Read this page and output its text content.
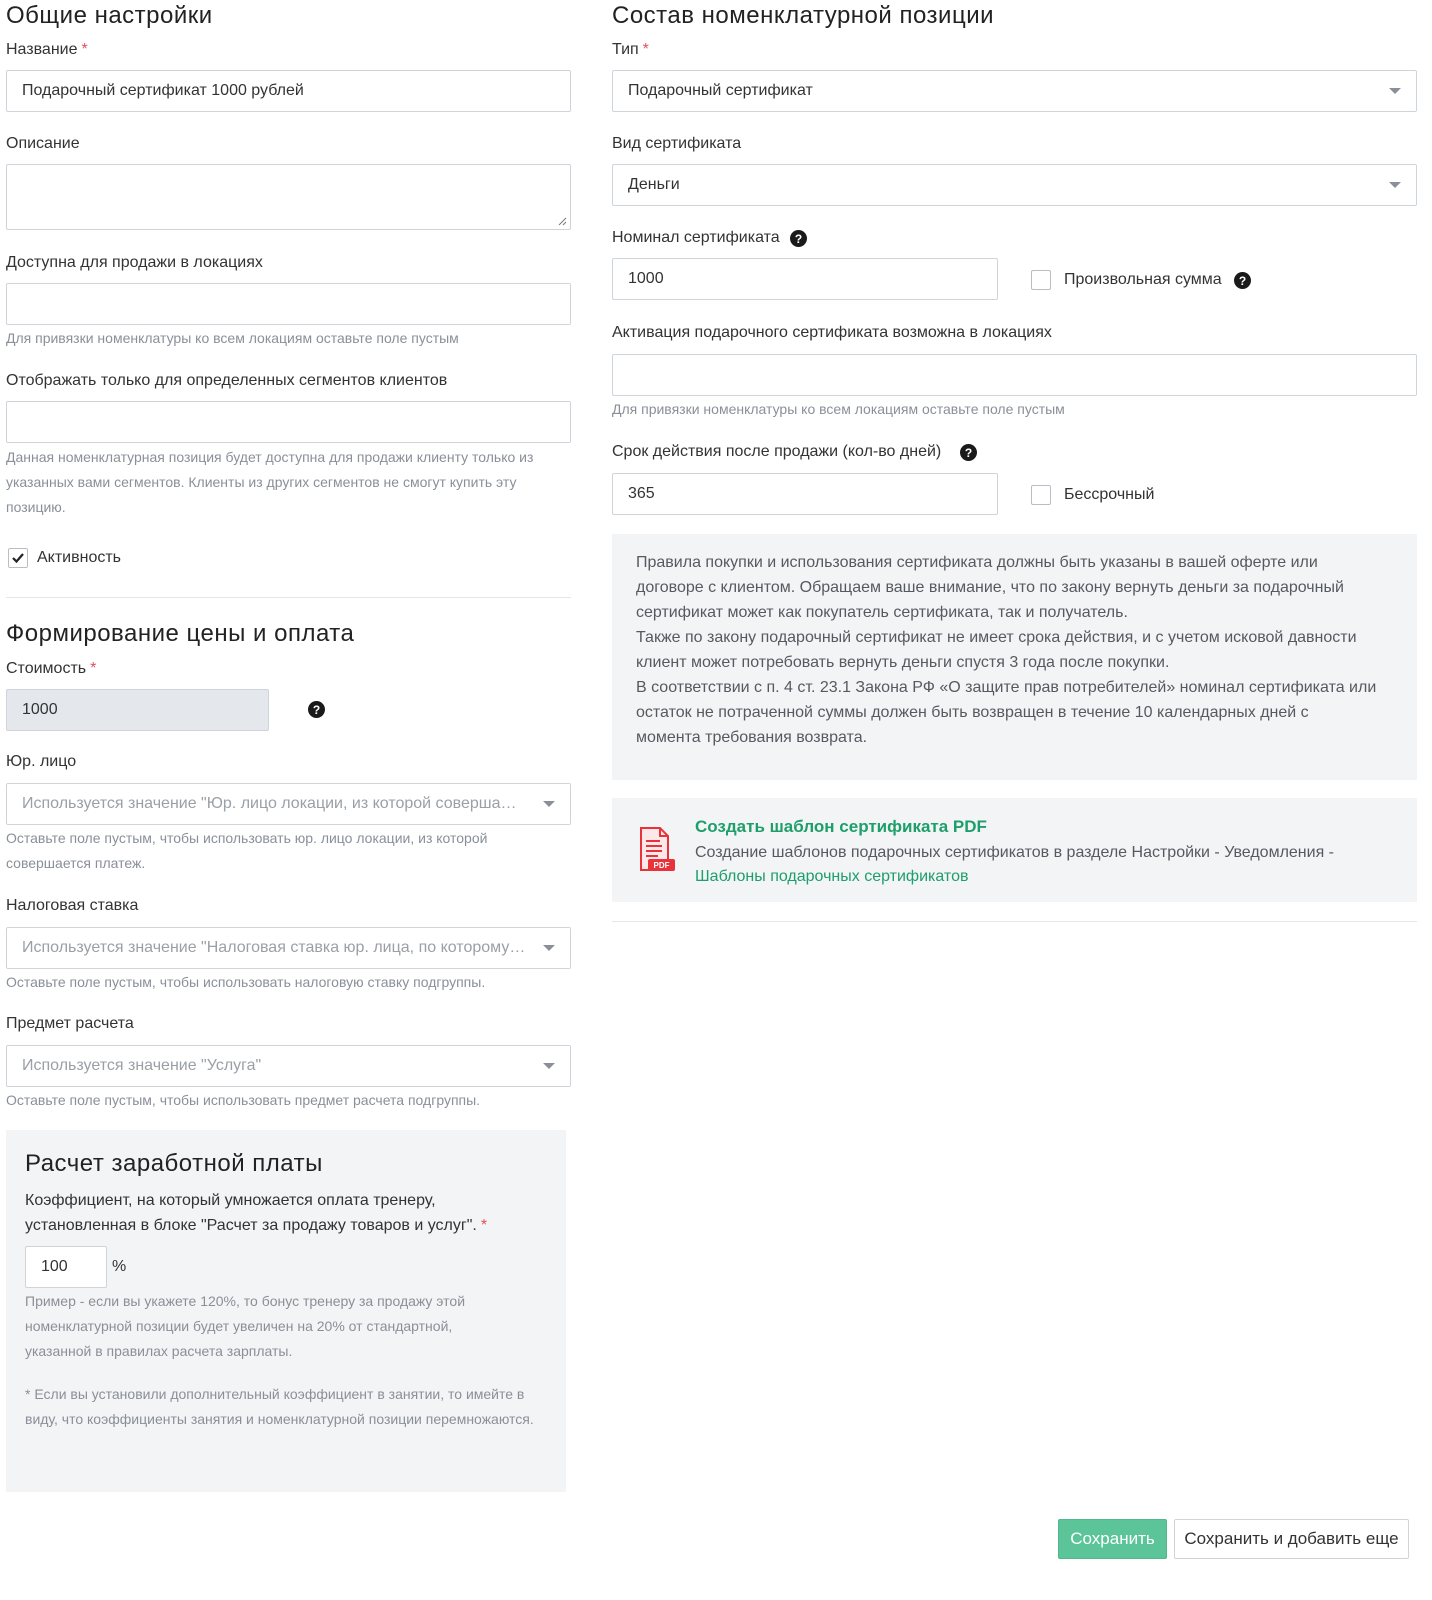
Общие настройки
Название *
Подарочный сертификат 1000 рублей
Описание
Доступна для продажи в локациях
Для привязки номенклатуры ко всем локациям оставьте поле пустым
Отображать только для определенных сегментов клиентов
Данная номенклатурная позиция будет доступна для продажи клиенту только из указанных вами сегментов. Клиенты из других сегментов не смогут купить эту позицию.
Активность
Формирование цены и оплата
Стоимость *
1000	?
Юр. лицо
Используется значение "Юр. лицо локации, из которой соверша…
Оставьте поле пустым, чтобы использовать юр. лицо локации, из которой совершается платеж.
Налоговая ставка
Используется значение "Налоговая ставка юр. лица, по которому…
Оставьте поле пустым, чтобы использовать налоговую ставку подгруппы.
Предмет расчета
Используется значение "Услуга"
Оставьте поле пустым, чтобы использовать предмет расчета подгруппы.
Расчет заработной платы
Коэффициент, на который умножается оплата тренеру, установленная в блоке "Расчет за продажу товаров и услуг". *
100	%
Пример - если вы укажете 120%, то бонус тренеру за продажу этой номенклатурной позиции будет увеличен на 20% от стандартной, указанной в правилах расчета зарплаты.
* Если вы установили дополнительный коэффициент в занятии, то имейте в виду, что коэффициенты занятия и номенклатурной позиции перемножаются.
Состав номенклатурной позиции
Тип *
Подарочный сертификат
Вид сертификата
Деньги
Номинал сертификата	?
1000	Произвольная сумма	?
Активация подарочного сертификата возможна в локациях
Для привязки номенклатуры ко всем локациям оставьте поле пустым
Срок действия после продажи (кол-во дней)	?
365	Бессрочный
Правила покупки и использования сертификата должны быть указаны в вашей оферте или
договоре с клиентом. Обращаем ваше внимание, что по закону вернуть деньги за подарочный
сертификат может как покупатель сертификата, так и получатель.
Также по закону подарочный сертификат не имеет срока действия, и с учетом исковой давности
клиент может потребовать вернуть деньги спустя 3 года после покупки.
В соответствии с п. 4 ст. 23.1 Закона РФ «О защите прав потребителей» номинал сертификата или
остаток не потраченной суммы должен быть возвращен в течение 10 календарных дней с
момента требования возврата.
PDF
Создать шаблон сертификата PDF
Создание шаблонов подарочных сертификатов в разделе Настройки - Уведомления -
Шаблоны подарочных сертификатов
Сохранить	Сохранить и добавить еще
